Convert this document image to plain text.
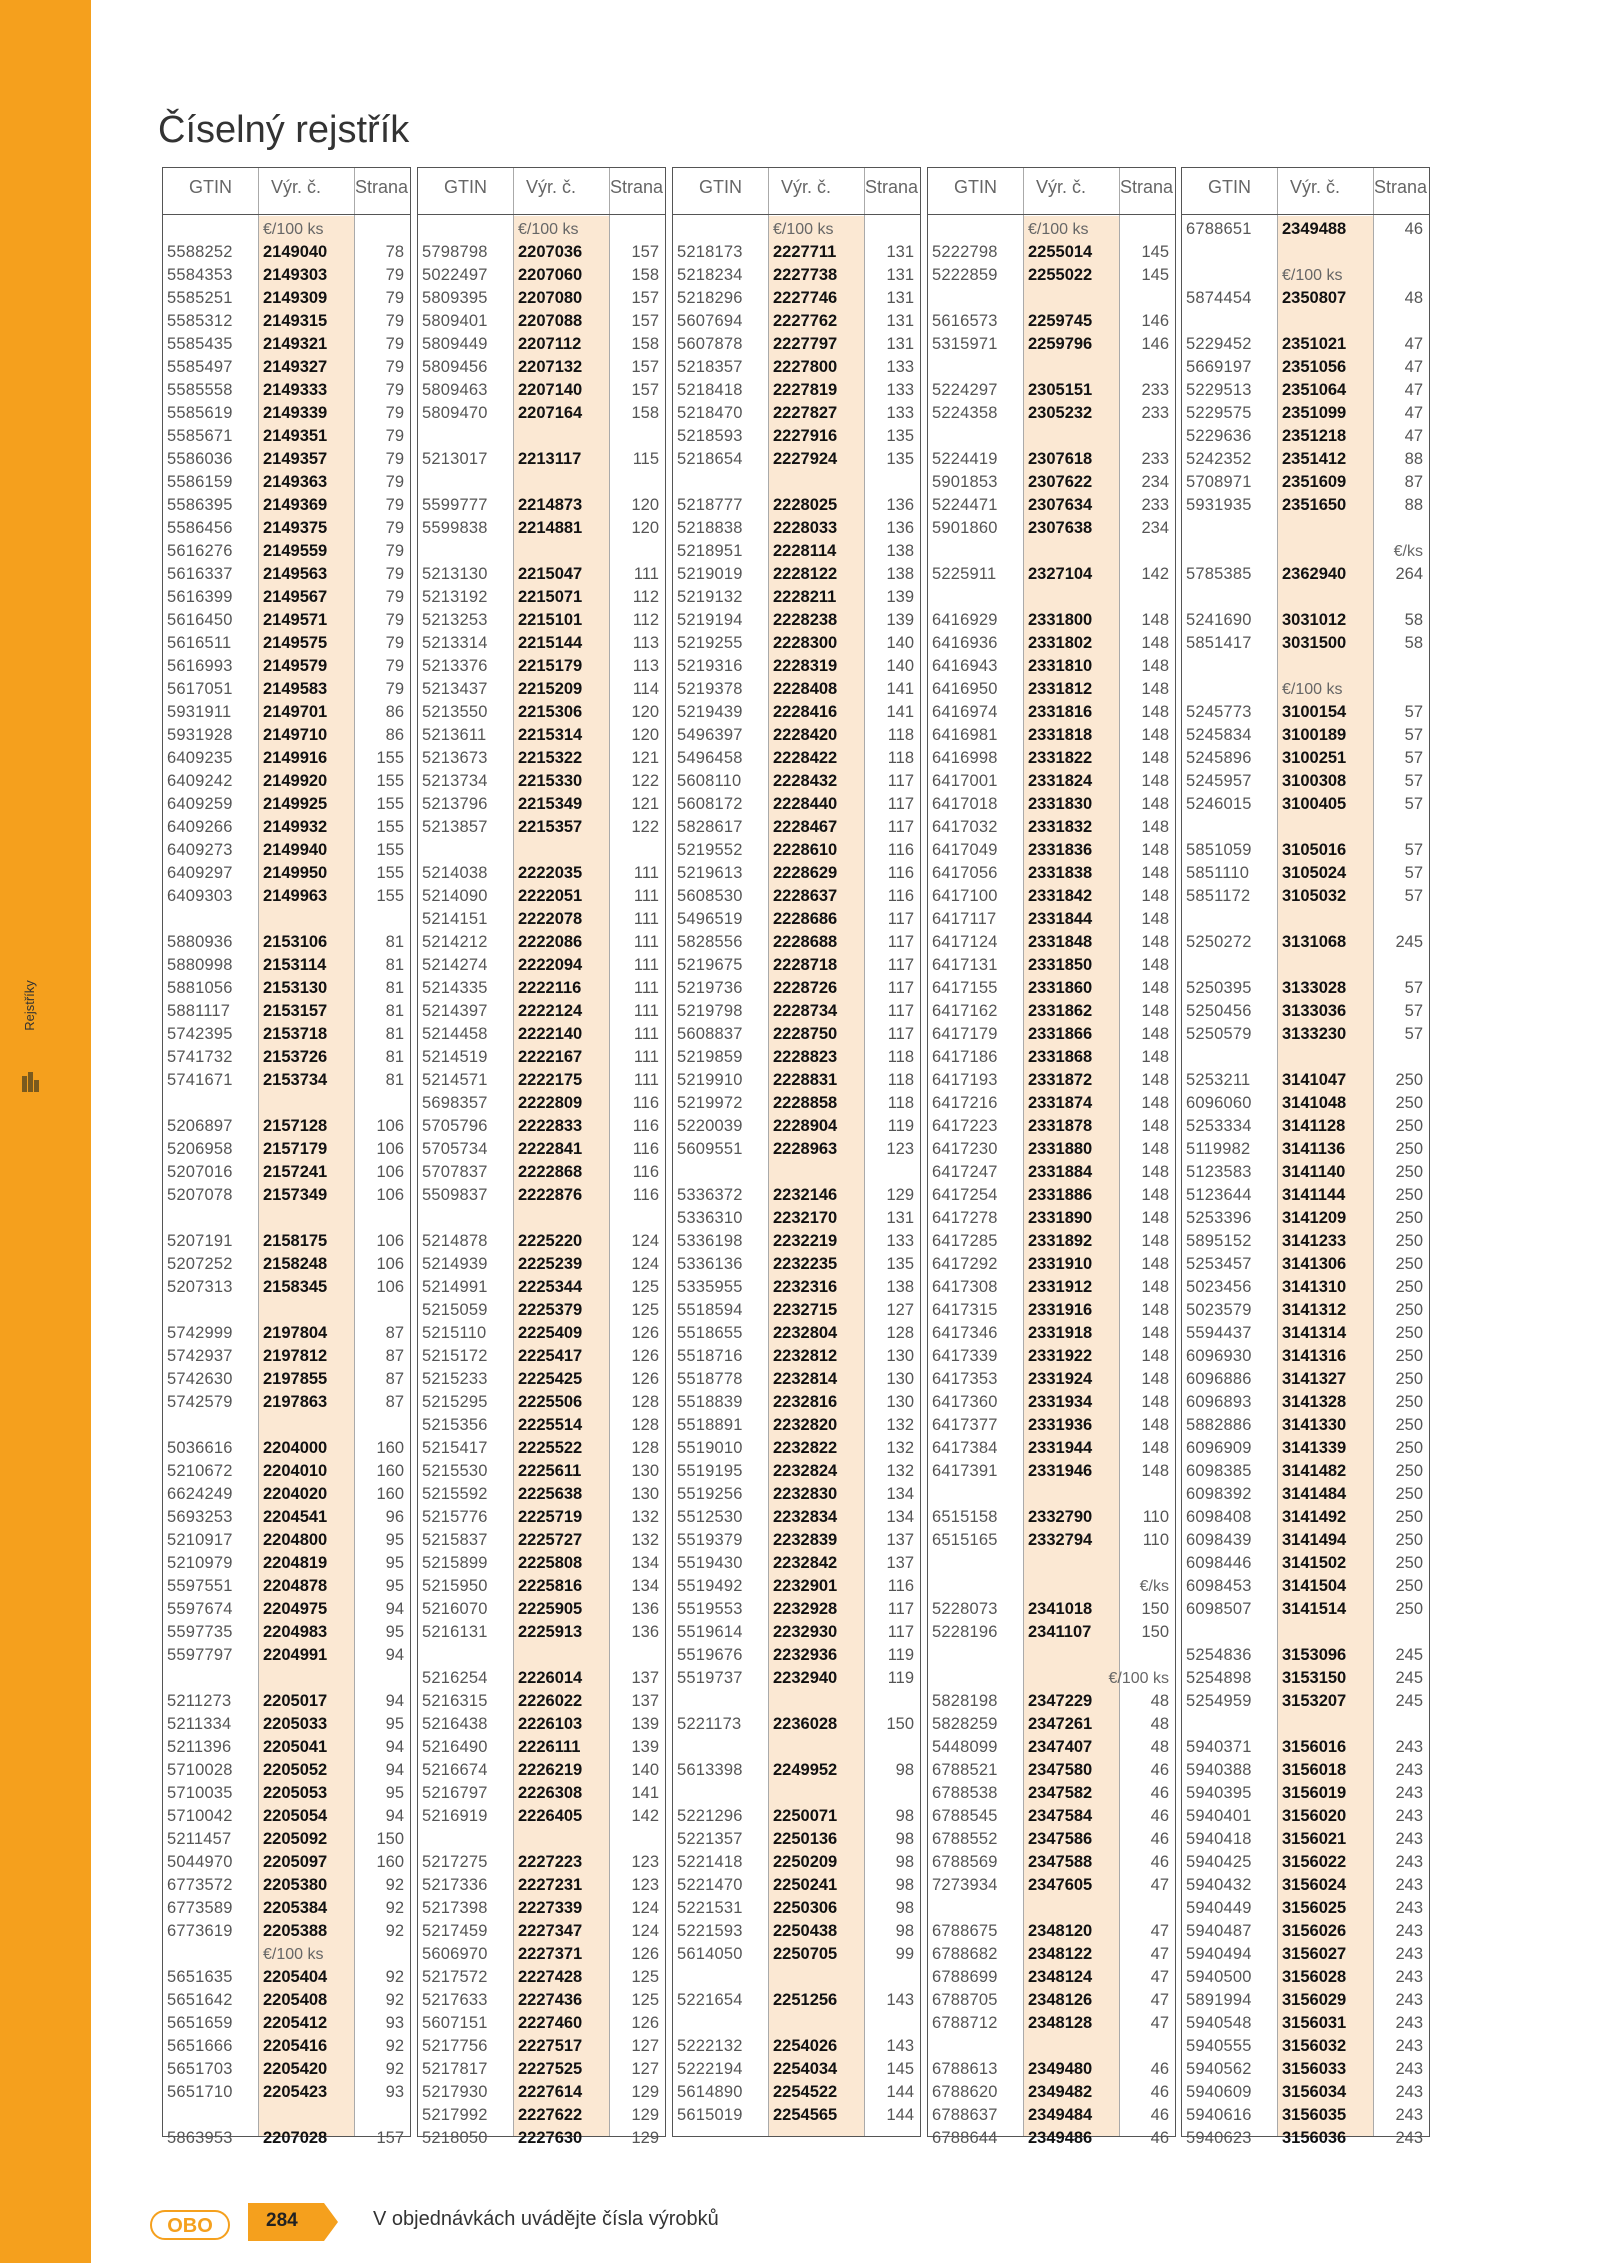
Rejstříky
Číselný rejstřík
GTIN Výr. č. Strana
€/100 ks
5588252 2149040	78
5584353 2149303	79
5585251 2149309	79
5585312 2149315	79
5585435 2149321	79
5585497 2149327	79
5585558 2149333	79
5585619 2149339	79
5585671 2149351	79
5586036 2149357	79
5586159 2149363	79
5586395 2149369	79
5586456 2149375	79
5616276 2149559	79
5616337 2149563	79
5616399 2149567	79
5616450 2149571	79
5616511 2149575	79
5616993 2149579	79
5617051 2149583	79
5931911 2149701	86
5931928 2149710	86
6409235 2149916	155
6409242 2149920	155
6409259 2149925	155
6409266 2149932	155
6409273 2149940	155
6409297 2149950	155
6409303 2149963	155
5880936 2153106	81
5880998 2153114	81
5881056 2153130	81
5881117 2153157	81
5742395 2153718	81
5741732 2153726	81
5741671 2153734	81
5206897 2157128	106
5206958 2157179	106
5207016 2157241	106
5207078 2157349	106
5207191 2158175	106
5207252 2158248	106
5207313 2158345	106
5742999 2197804	87
5742937 2197812	87
5742630 2197855	87
5742579 2197863	87
5036616 2204000	160
5210672 2204010	160
6624249 2204020	160
5693253 2204541	96
5210917 2204800	95
5210979 2204819	95
5597551 2204878	95
5597674 2204975	94
5597735 2204983	95
5597797 2204991	94
5211273 2205017	94
5211334 2205033	95
5211396 2205041	94
5710028 2205052	94
5710035 2205053	95
5710042 2205054	94
5211457 2205092	150
5044970 2205097	160
6773572 2205380	92
6773589 2205384	92
6773619 2205388	92
€/100 ks
5651635 2205404	92
5651642 2205408	92
5651659 2205412	93
5651666 2205416	92
5651703 2205420	92
5651710 2205423	93
5863953 2207028	157
GTIN Výr. č. Strana
€/100 ks
5798798 2207036	157
5022497 2207060	158
5809395 2207080	157
5809401 2207088	157
5809449 2207112	158
5809456 2207132	157
5809463 2207140	157
5809470 2207164	158
5213017 2213117	115
5599777 2214873	120
5599838 2214881	120
5213130 2215047	111
5213192 2215071	112
5213253 2215101	112
5213314 2215144	113
5213376 2215179	113
5213437 2215209	114
5213550 2215306	120
5213611 2215314	120
5213673 2215322	121
5213734 2215330	122
5213796 2215349	121
5213857 2215357	122
5214038 2222035	111
5214090 2222051	111
5214151 2222078	111
5214212 2222086	111
5214274 2222094	111
5214335 2222116	111
5214397 2222124	111
5214458 2222140	111
5214519 2222167	111
5214571 2222175	111
5698357 2222809	116
5705796 2222833	116
5705734 2222841	116
5707837 2222868	116
5509837 2222876	116
5214878 2225220	124
5214939 2225239	124
5214991 2225344	125
5215059 2225379	125
5215110 2225409	126
5215172 2225417	126
5215233 2225425	126
5215295 2225506	128
5215356 2225514	128
5215417 2225522	128
5215530 2225611	130
5215592 2225638	130
5215776 2225719	132
5215837 2225727	132
5215899 2225808	134
5215950 2225816	134
5216070 2225905	136
5216131 2225913	136
5216254 2226014	137
5216315 2226022	137
5216438 2226103	139
5216490 2226111	139
5216674 2226219	140
5216797 2226308	141
5216919 2226405	142
5217275 2227223	123
5217336 2227231	123
5217398 2227339	124
5217459 2227347	124
5606970 2227371	126
5217572 2227428	125
5217633 2227436	125
5607151 2227460	126
5217756 2227517	127
5217817 2227525	127
5217930 2227614	129
5217992 2227622	129
5218050 2227630	129
GTIN Výr. č. Strana
€/100 ks
5218173 2227711	131
5218234 2227738	131
5218296 2227746	131
5607694 2227762	131
5607878 2227797	131
5218357 2227800	133
5218418 2227819	133
5218470 2227827	133
5218593 2227916	135
5218654 2227924	135
5218777 2228025	136
5218838 2228033	136
5218951 2228114	138
5219019 2228122	138
5219132 2228211	139
5219194 2228238	139
5219255 2228300	140
5219316 2228319	140
5219378 2228408	141
5219439 2228416	141
5496397 2228420	118
5496458 2228422	118
5608110 2228432	117
5608172 2228440	117
5828617 2228467	117
5219552 2228610	116
5219613 2228629	116
5608530 2228637	116
5496519 2228686	117
5828556 2228688	117
5219675 2228718	117
5219736 2228726	117
5219798 2228734	117
5608837 2228750	117
5219859 2228823	118
5219910 2228831	118
5219972 2228858	118
5220039 2228904	119
5609551 2228963	123
5336372 2232146	129
5336310 2232170	131
5336198 2232219	133
5336136 2232235	135
5335955 2232316	138
5518594 2232715	127
5518655 2232804	128
5518716 2232812	130
5518778 2232814	130
5518839 2232816	130
5518891 2232820	132
5519010 2232822	132
5519195 2232824	132
5519256 2232830	134
5512530 2232834	134
5519379 2232839	137
5519430 2232842	137
5519492 2232901	116
5519553 2232928	117
5519614 2232930	117
5519676 2232936	119
5519737 2232940	119
5221173 2236028	150
5613398 2249952	98
5221296 2250071	98
5221357 2250136	98
5221418 2250209	98
5221470 2250241	98
5221531 2250306	98
5221593 2250438	98
5614050 2250705	99
5221654 2251256	143
5222132 2254026	143
5222194 2254034	145
5614890 2254522	144
5615019 2254565	144
GTIN Výr. č. Strana
€/100 ks
5222798 2255014	145
5222859 2255022	145
5616573 2259745	146
5315971 2259796	146
5224297 2305151	233
5224358 2305232	233
5224419 2307618	233
5901853 2307622	234
5224471 2307634	233
5901860 2307638	234
5225911 2327104	142
6416929 2331800	148
6416936 2331802	148
6416943 2331810	148
6416950 2331812	148
6416974 2331816	148
6416981 2331818	148
6416998 2331822	148
6417001 2331824	148
6417018 2331830	148
6417032 2331832	148
6417049 2331836	148
6417056 2331838	148
6417100 2331842	148
6417117 2331844	148
6417124 2331848	148
6417131 2331850	148
6417155 2331860	148
6417162 2331862	148
6417179 2331866	148
6417186 2331868	148
6417193 2331872	148
6417216 2331874	148
6417223 2331878	148
6417230 2331880	148
6417247 2331884	148
6417254 2331886	148
6417278 2331890	148
6417285 2331892	148
6417292 2331910	148
6417308 2331912	148
6417315 2331916	148
6417346 2331918	148
6417339 2331922	148
6417353 2331924	148
6417360 2331934	148
6417377 2331936	148
6417384 2331944	148
6417391 2331946	148
6515158 2332790	110
6515165 2332794	110
€/ks
5228073 2341018	150
5228196 2341107	150
€/100 ks
5828198 2347229	48
5828259 2347261	48
5448099 2347407	48
6788521 2347580	46
6788538 2347582	46
6788545 2347584	46
6788552 2347586	46
6788569 2347588	46
7273934 2347605	47
6788675 2348120	47
6788682 2348122	47
6788699 2348124	47
6788705 2348126	47
6788712 2348128	47
6788613 2349480	46
6788620 2349482	46
6788637 2349484	46
6788644 2349486	46
GTIN Výr. č. Strana
6788651 2349488	46
€/100 ks
5874454 2350807	48
5229452 2351021	47
5669197 2351056	47
5229513 2351064	47
5229575 2351099	47
5229636 2351218	47
5242352 2351412	88
5708971 2351609	87
5931935 2351650	88
€/ks
5785385 2362940	264
5241690 3031012	58
5851417 3031500	58
€/100 ks
5245773 3100154	57
5245834 3100189	57
5245896 3100251	57
5245957 3100308	57
5246015 3100405	57
5851059 3105016	57
5851110 3105024	57
5851172 3105032	57
5250272 3131068	245
5250395 3133028	57
5250456 3133036	57
5250579 3133230	57
5253211 3141047	250
6096060 3141048	250
5253334 3141128	250
5119982 3141136	250
5123583 3141140	250
5123644 3141144	250
5253396 3141209	250
5895152 3141233	250
5253457 3141306	250
5023456 3141310	250
5023579 3141312	250
5594437 3141314	250
6096930 3141316	250
6096886 3141327	250
6096893 3141328	250
5882886 3141330	250
6096909 3141339	250
6098385 3141482	250
6098392 3141484	250
6098408 3141492	250
6098439 3141494	250
6098446 3141502	250
6098453 3141504	250
6098507 3141514	250
5254836 3153096	245
5254898 3153150	245
5254959 3153207	245
5940371 3156016	243
5940388 3156018	243
5940395 3156019	243
5940401 3156020	243
5940418 3156021	243
5940425 3156022	243
5940432 3156024	243
5940449 3156025	243
5940487 3156026	243
5940494 3156027	243
5940500 3156028	243
5891994 3156029	243
5940548 3156031	243
5940555 3156032	243
5940562 3156033	243
5940609 3156034	243
5940616 3156035	243
5940623 3156036	243
OBO	284	V objednávkách uvádějte čísla výrobků
